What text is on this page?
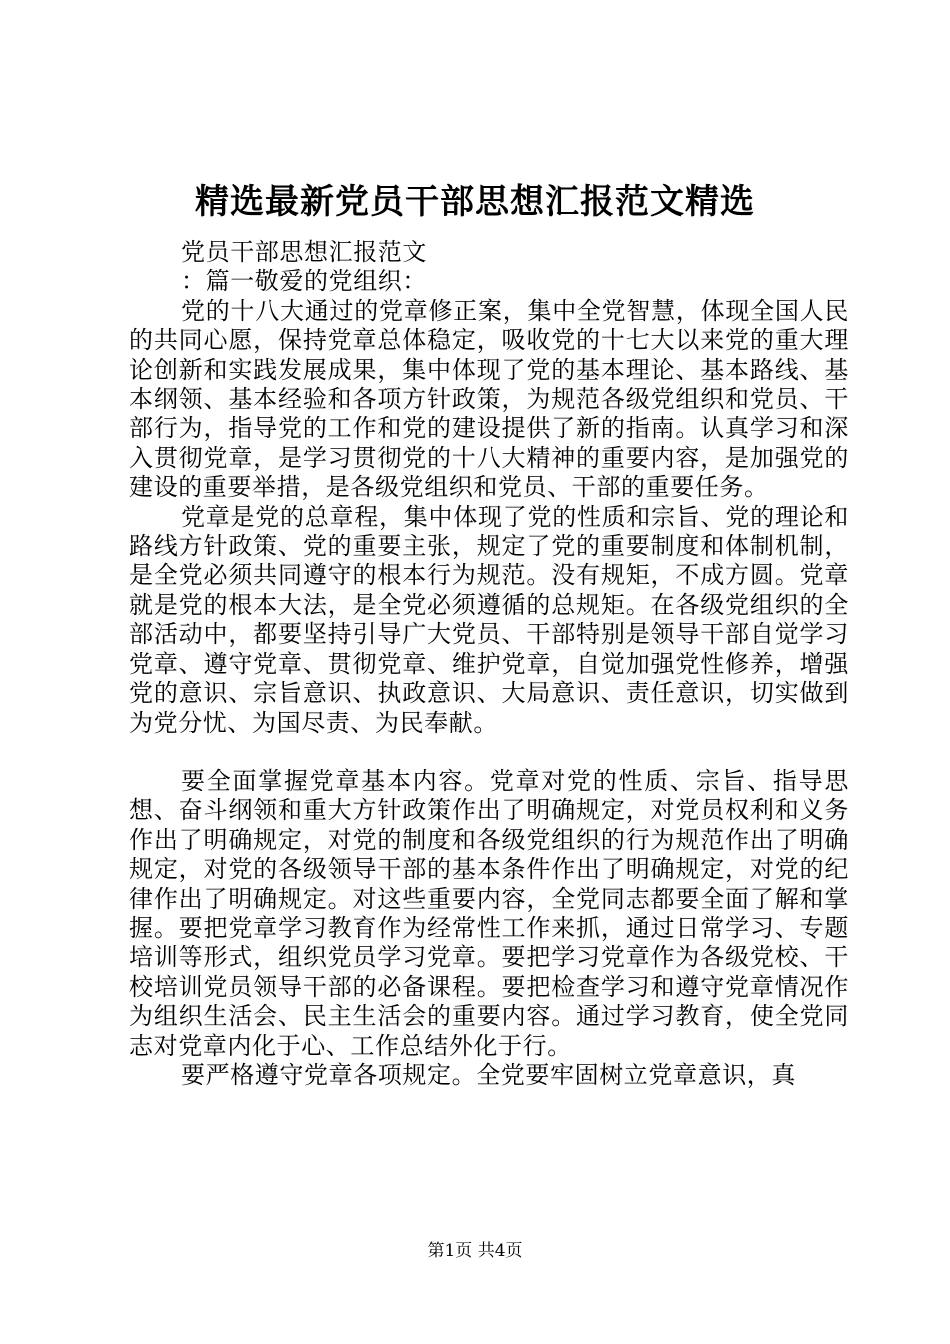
精选最新党员干部思想汇报范文精选

党员干部思想汇报范文

：篇一敬爱的党组织：

党的十八大通过的党章修正案，集中全党智慧，体现全国人民的共同心愿，保持党章总体稳定，吸收党的十七大以来党的重大理论创新和实践发展成果，集中体现了党的基本理论、基本路线、基本纲领、基本经验和各项方针政策，为规范各级党组织和党员、干部行为，指导党的工作和党的建设提供了新的指南。认真学习和深入贯彻党章，是学习贯彻党的十八大精神的重要内容，是加强党的建设的重要举措，是各级党组织和党员、干部的重要任务。

党章是党的总章程，集中体现了党的性质和宗旨、党的理论和路线方针政策、党的重要主张，规定了党的重要制度和体制机制，是全党必须共同遵守的根本行为规范。没有规矩，不成方圆。党章就是党的根本大法，是全党必须遵循的总规矩。在各级党组织的全部活动中，都要坚持引导广大党员、干部特别是领导干部自觉学习党章、遵守党章、贯彻党章、维护党章，自觉加强党性修养，增强党的意识、宗旨意识、执政意识、大局意识、责任意识，切实做到为党分忧、为国尽责、为民奉献。

要全面掌握党章基本内容。党章对党的性质、宗旨、指导思想、奋斗纲领和重大方针政策作出了明确规定，对党员权利和义务作出了明确规定，对党的制度和各级党组织的行为规范作出了明确规定，对党的各级领导干部的基本条件作出了明确规定，对党的纪律作出了明确规定。对这些重要内容，全党同志都要全面了解和掌握。要把党章学习教育作为经常性工作来抓，通过日常学习、专题培训等形式，组织党员学习党章。要把学习党章作为各级党校、干校培训党员领导干部的必备课程。要把检查学习和遵守党章情况作为组织生活会、民主生活会的重要内容。通过学习教育，使全党同志对党章内化于心、工作总结外化于行。

要严格遵守党章各项规定。全党要牢固树立党章意识，真

第1页 共4页
